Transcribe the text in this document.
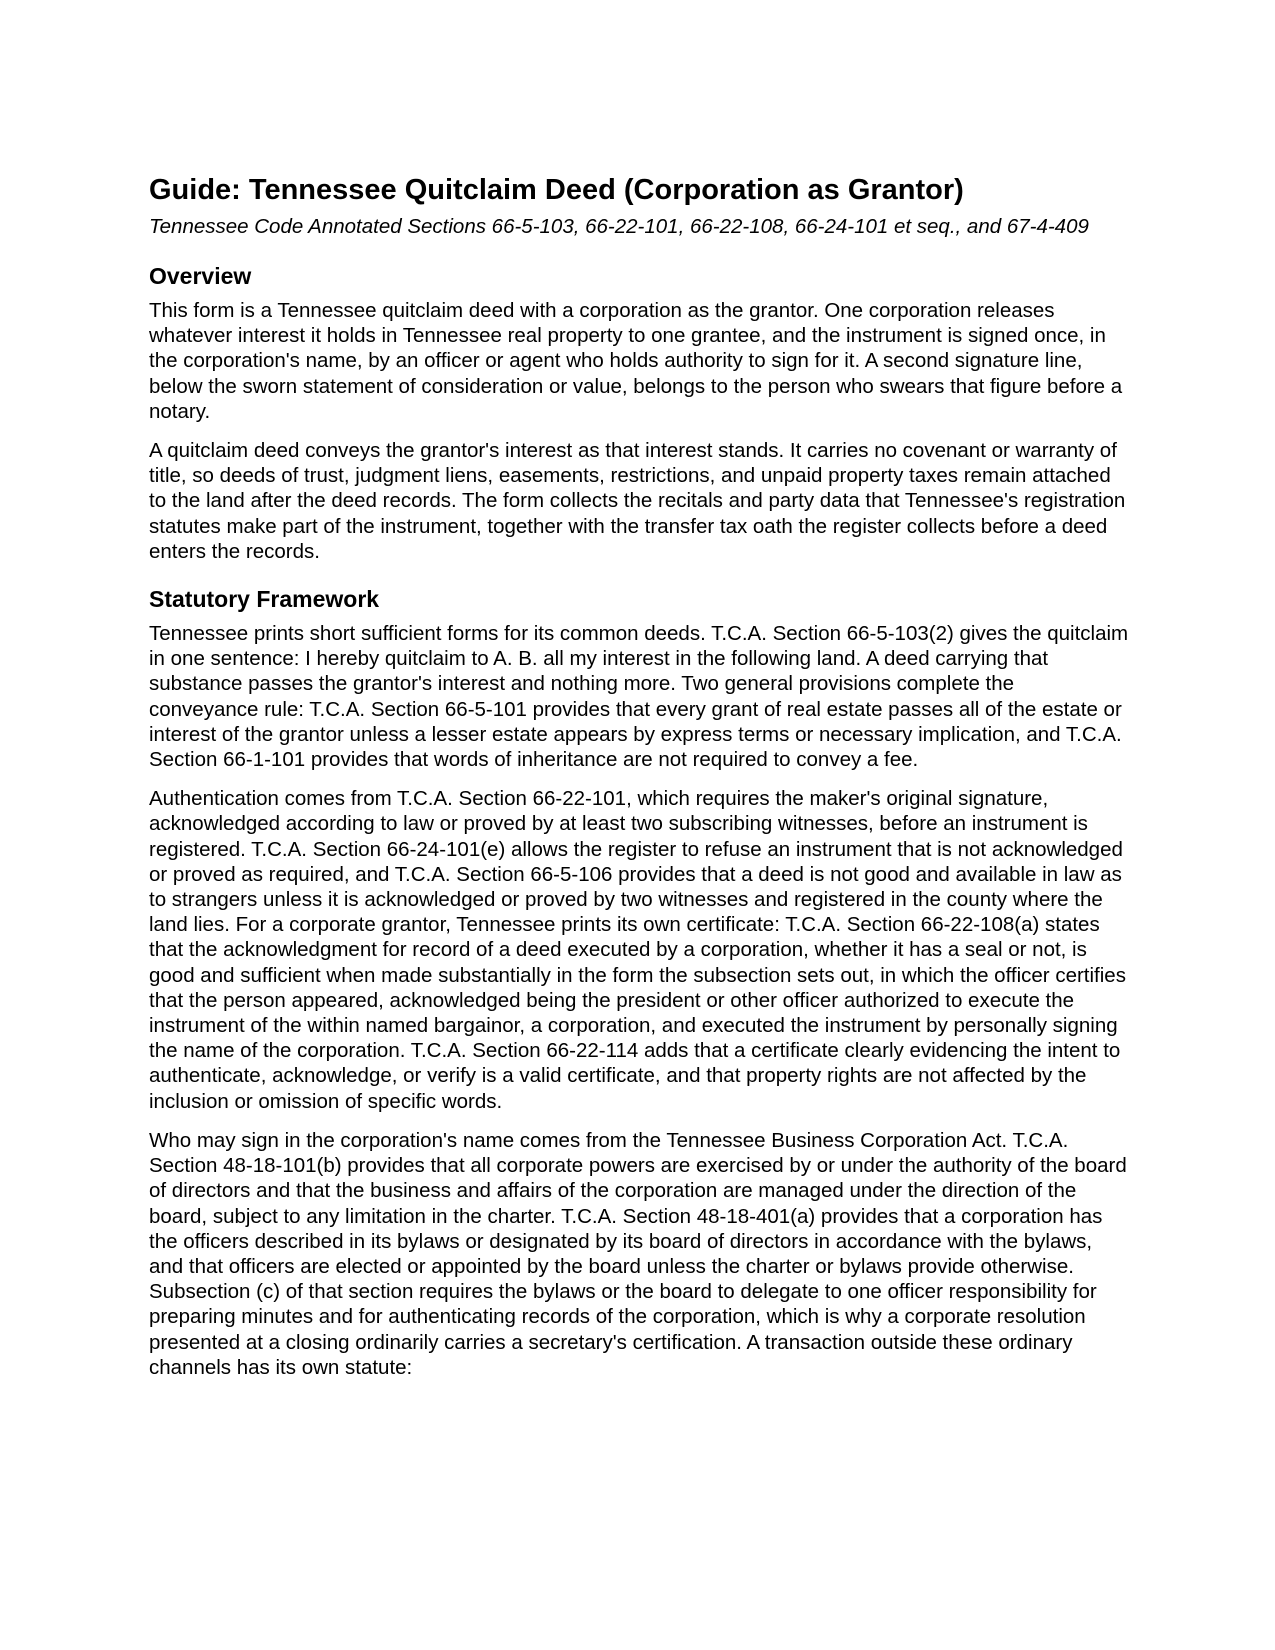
Guide: Tennessee Quitclaim Deed (Corporation as Grantor)
Tennessee Code Annotated Sections 66-5-103, 66-22-101, 66-22-108, 66-24-101 et seq., and 67-4-409
Overview

This form is a Tennessee quitclaim deed with a corporation as the grantor. One corporation releases whatever interest it holds in Tennessee real property to one grantee, and the instrument is signed once, in the corporation's name, by an officer or agent who holds authority to sign for it. A second signature line, below the sworn statement of consideration or value, belongs to the person who swears that figure before a notary.

A quitclaim deed conveys the grantor's interest as that interest stands. It carries no covenant or warranty of title, so deeds of trust, judgment liens, easements, restrictions, and unpaid property taxes remain attached to the land after the deed records. The form collects the recitals and party data that Tennessee's registration statutes make part of the instrument, together with the transfer tax oath the register collects before a deed enters the records.

Statutory Framework

Tennessee prints short sufficient forms for its common deeds. T.C.A. Section 66-5-103(2) gives the quitclaim in one sentence: I hereby quitclaim to A. B. all my interest in the following land. A deed carrying that substance passes the grantor's interest and nothing more. Two general provisions complete the conveyance rule: T.C.A. Section 66-5-101 provides that every grant of real estate passes all of the estate or interest of the grantor unless a lesser estate appears by express terms or necessary implication, and T.C.A. Section 66-1-101 provides that words of inheritance are not required to convey a fee.

Authentication comes from T.C.A. Section 66-22-101, which requires the maker's original signature, acknowledged according to law or proved by at least two subscribing witnesses, before an instrument is registered. T.C.A. Section 66-24-101(e) allows the register to refuse an instrument that is not acknowledged or proved as required, and T.C.A. Section 66-5-106 provides that a deed is not good and available in law as to strangers unless it is acknowledged or proved by two witnesses and registered in the county where the land lies. For a corporate grantor, Tennessee prints its own certificate: T.C.A. Section 66-22-108(a) states that the acknowledgment for record of a deed executed by a corporation, whether it has a seal or not, is good and sufficient when made substantially in the form the subsection sets out, in which the officer certifies that the person appeared, acknowledged being the president or other officer authorized to execute the instrument of the within named bargainor, a corporation, and executed the instrument by personally signing the name of the corporation. T.C.A. Section 66-22-114 adds that a certificate clearly evidencing the intent to authenticate, acknowledge, or verify is a valid certificate, and that property rights are not affected by the inclusion or omission of specific words.

Who may sign in the corporation's name comes from the Tennessee Business Corporation Act. T.C.A. Section 48-18-101(b) provides that all corporate powers are exercised by or under the authority of the board of directors and that the business and affairs of the corporation are managed under the direction of the board, subject to any limitation in the charter. T.C.A. Section 48-18-401(a) provides that a corporation has the officers described in its bylaws or designated by its board of directors in accordance with the bylaws, and that officers are elected or appointed by the board unless the charter or bylaws provide otherwise. Subsection (c) of that section requires the bylaws or the board to delegate to one officer responsibility for preparing minutes and for authenticating records of the corporation, which is why a corporate resolution presented at a closing ordinarily carries a secretary's certification. A transaction outside these ordinary channels has its own statute:
